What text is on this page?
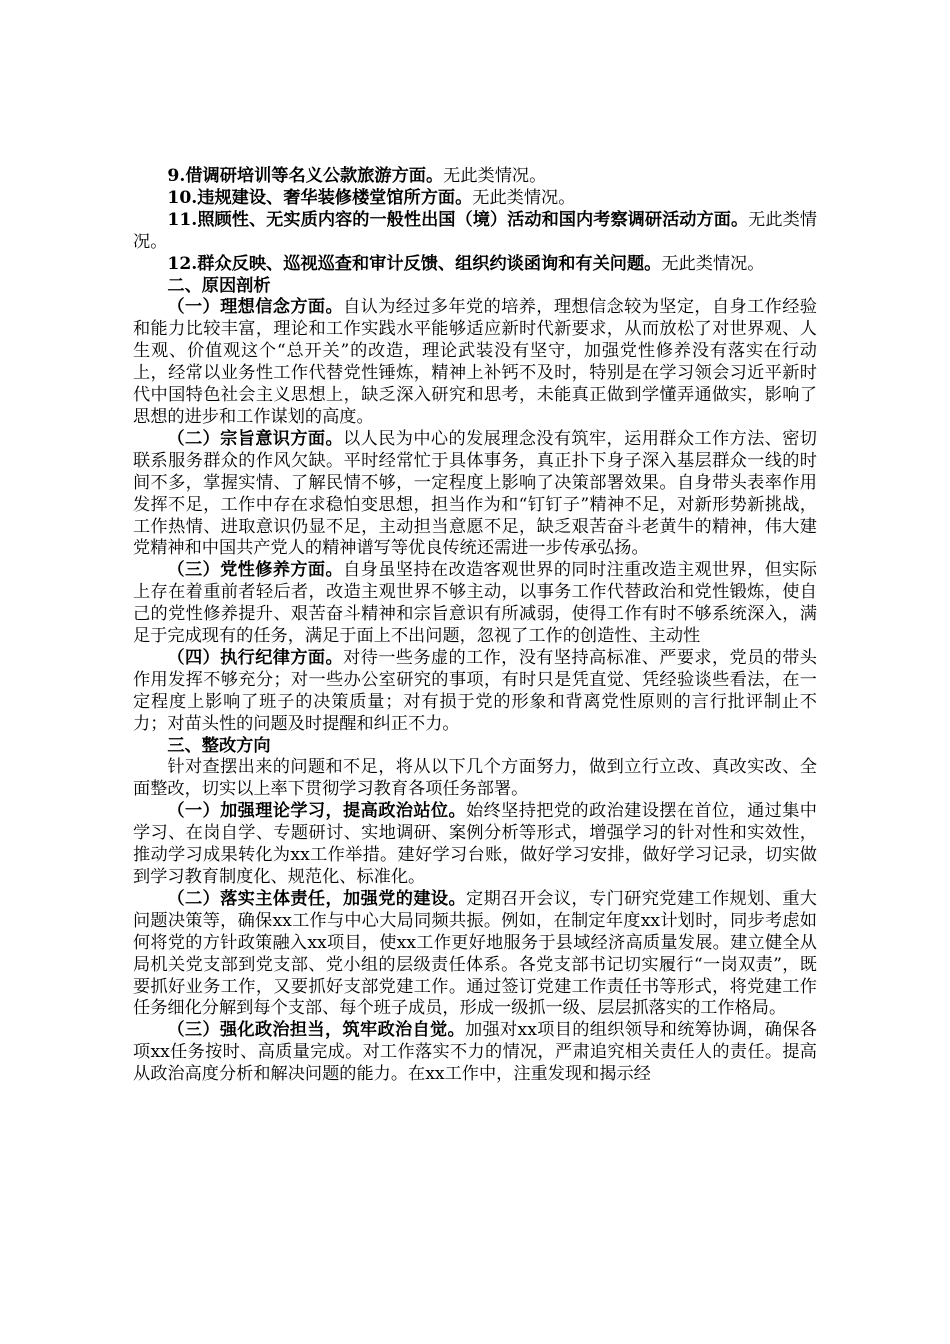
9.借调研培训等名义公款旅游方面。无此类情况。

10.违规建设、奢华装修楼堂馆所方面。无此类情况。

11.照顾性、无实质内容的一般性出国（境）活动和国内考察调研活动方面。无此类情况。

12.群众反映、巡视巡查和审计反馈、组织约谈函询和有关问题。无此类情况。

二、原因剖析

（一）理想信念方面。自认为经过多年党的培养，理想信念较为坚定，自身工作经验和能力比较丰富，理论和工作实践水平能够适应新时代新要求，从而放松了对世界观、人生观、价值观这个“总开关”的改造，理论武装没有坚守，加强党性修养没有落实在行动上，经常以业务性工作代替党性锤炼，精神上补钙不及时，特别是在学习领会习近平新时代中国特色社会主义思想上，缺乏深入研究和思考，未能真正做到学懂弄通做实，影响了思想的进步和工作谋划的高度。

（二）宗旨意识方面。以人民为中心的发展理念没有筑牢，运用群众工作方法、密切联系服务群众的作风欠缺。平时经常忙于具体事务，真正扑下身子深入基层群众一线的时间不多，掌握实情、了解民情不够，一定程度上影响了决策部署效果。自身带头表率作用发挥不足，工作中存在求稳怕变思想，担当作为和“钉钉子”精神不足，对新形势新挑战，工作热情、进取意识仍显不足，主动担当意愿不足，缺乏艰苦奋斗老黄牛的精神，伟大建党精神和中国共产党人的精神谱写等优良传统还需进一步传承弘扬。

（三）党性修养方面。自身虽坚持在改造客观世界的同时注重改造主观世界，但实际上存在着重前者轻后者，改造主观世界不够主动，以事务工作代替政治和党性锻炼，使自己的党性修养提升、艰苦奋斗精神和宗旨意识有所减弱，使得工作有时不够系统深入，满足于完成现有的任务，满足于面上不出问题，忽视了工作的创造性、主动性

（四）执行纪律方面。对待一些务虚的工作，没有坚持高标准、严要求，党员的带头作用发挥不够充分；对一些办公室研究的事项，有时只是凭直觉、凭经验谈些看法，在一定程度上影响了班子的决策质量；对有损于党的形象和背离党性原则的言行批评制止不力；对苗头性的问题及时提醒和纠正不力。

三、整改方向

针对查摆出来的问题和不足，将从以下几个方面努力，做到立行立改、真改实改、全面整改，切实以上率下贯彻学习教育各项任务部署。

（一）加强理论学习，提高政治站位。始终坚持把党的政治建设摆在首位，通过集中学习、在岗自学、专题研讨、实地调研、案例分析等形式，增强学习的针对性和实效性，推动学习成果转化为xx工作举措。建好学习台账，做好学习安排，做好学习记录，切实做到学习教育制度化、规范化、标准化。

（二）落实主体责任，加强党的建设。定期召开会议，专门研究党建工作规划、重大问题决策等，确保xx工作与中心大局同频共振。例如，在制定年度xx计划时，同步考虑如何将党的方针政策融入xx项目，使xx工作更好地服务于县域经济高质量发展。建立健全从局机关党支部到党支部、党小组的层级责任体系。各党支部书记切实履行“一岗双责”，既要抓好业务工作，又要抓好支部党建工作。通过签订党建工作责任书等形式，将党建工作任务细化分解到每个支部、每个班子成员，形成一级抓一级、层层抓落实的工作格局。

（三）强化政治担当，筑牢政治自觉。加强对xx项目的组织领导和统筹协调，确保各项xx任务按时、高质量完成。对工作落实不力的情况，严肃追究相关责任人的责任。提高从政治高度分析和解决问题的能力。在xx工作中，注重发现和揭示经
